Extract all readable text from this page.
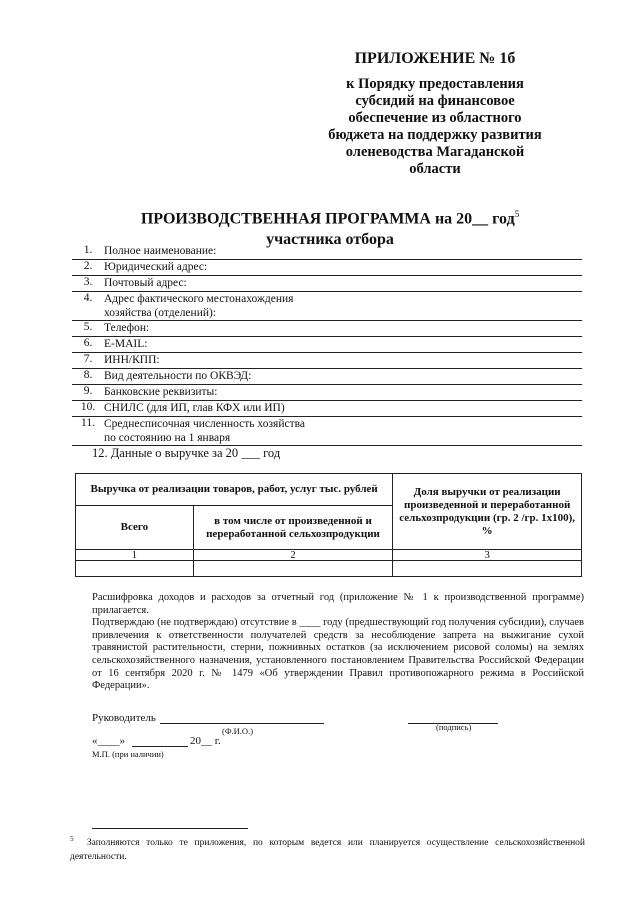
ПРИЛОЖЕНИЕ № 1б
к Порядку предоставления
субсидий на финансовое
обеспечение из областного
бюджета на поддержку развития
оленеводства Магаданской
области
ПРОИЗВОДСТВЕННАЯ ПРОГРАММА на 20__ год$^5$
участника отбора
1.	Полное наименование:
2.	Юридический адрес:
3.	Почтовый адрес:
4.	Адрес фактического местонахождения
хозяйства (отделений):
5.	Телефон:
6.	E-MAIL:
7.	ИНН/КПП:
8.	Вид деятельности по ОКВЭД:
9.	Банковские реквизиты:
10. СНИЛС (для ИП, глав КФХ или ИП)
11. Среднесписочная численность хозяйства
по состоянию на 1 января
12. Данные о выручке за 20 ___ год
Выручка от реализации товаров, работ, услуг тыс. рублей		Доля выручки от реализации произведенной и переработанной сельхозпродукции (гр. 2 /гр. 1х100), %
Всего	в том числе от произведенной и переработанной сельхозпродукции	
1	2	3

Расшифровка доходов и расходов за отчетный год (приложение № 1 к производственной программе) прилагается.

Подтверждаю (не подтверждаю) отсутствие в ____ году (предшествующий год получения субсидии), случаев привлечения к ответственности получателей средств за несоблюдение запрета на выжигание сухой травянистой растительности, стерни, пожнивных остатков (за исключением рисовой соломы) на землях сельскохозяйственного назначения, установленного постановлением Правительства Российской Федерации от 16 сентября 2020 г. № 1479 «Об утверждении Правил противопожарного режима в Российской Федерации».

Руководитель
(Ф.И.О.)	(подпись)
«____»	20__ г.
М.П. (при наличии)
$^5$ Заполняются только те приложения, по которым ведется или планируется осуществление сельскохозяйственной деятельности.
